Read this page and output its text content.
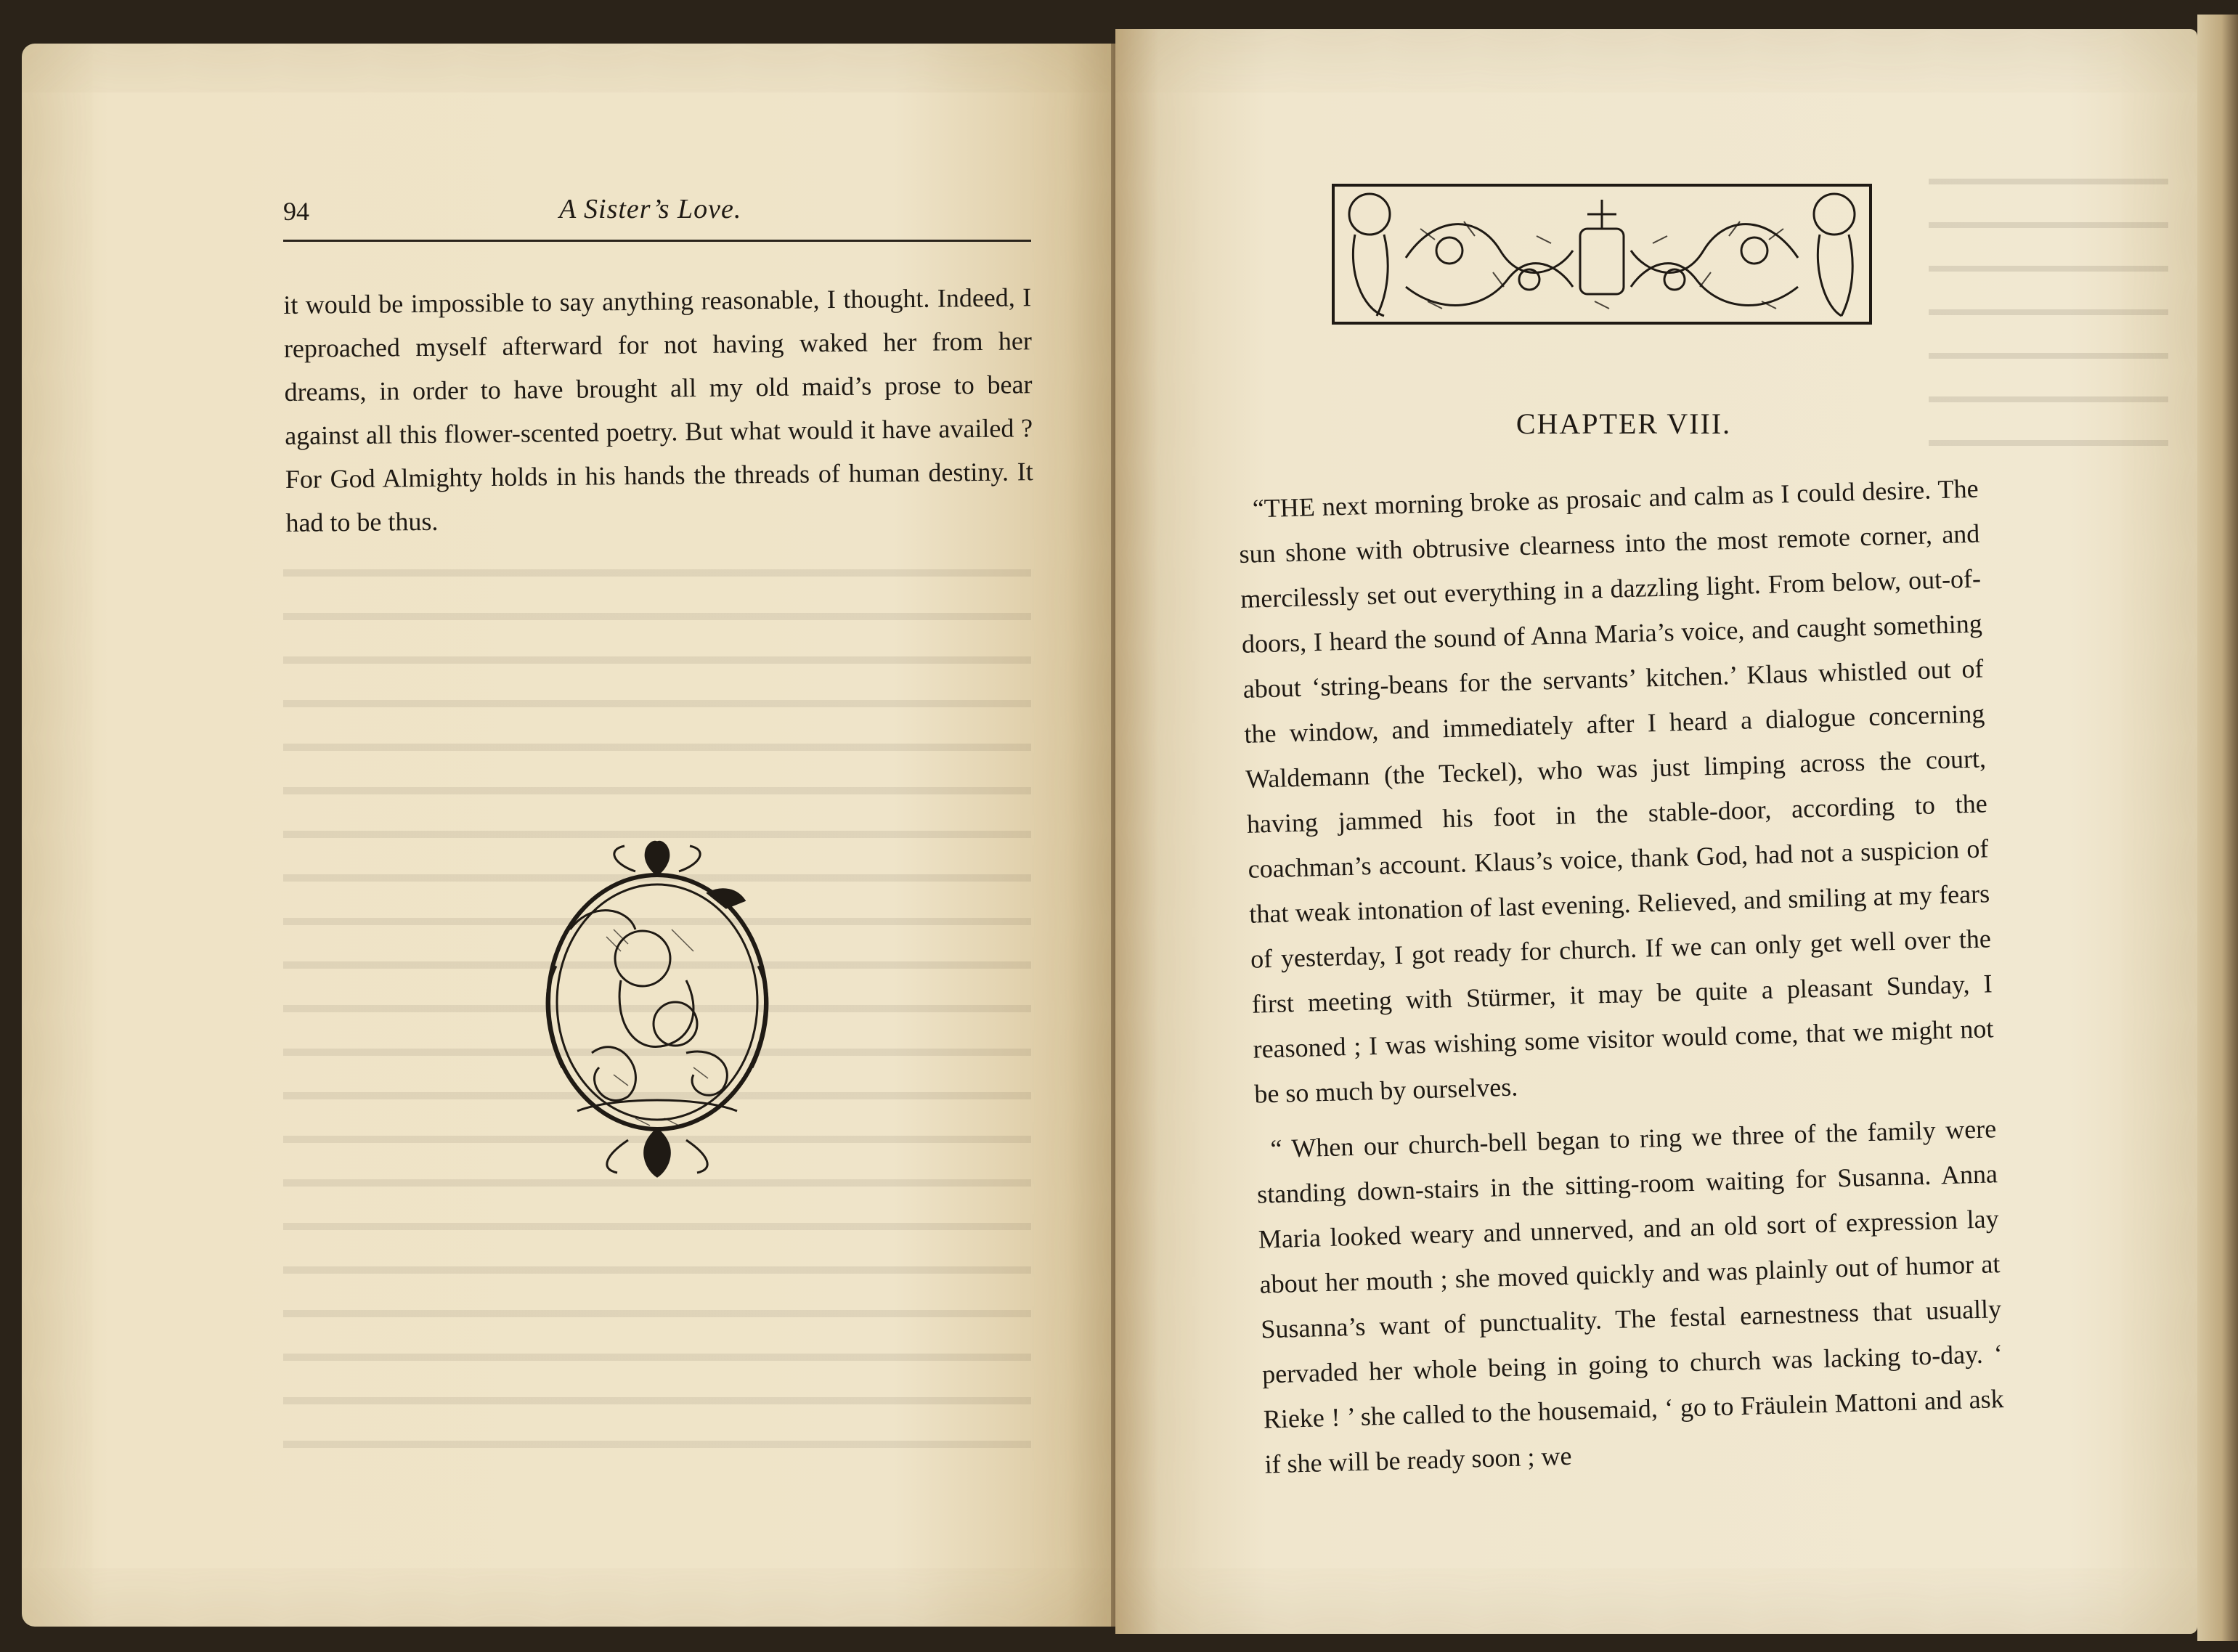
94	A Sister’s Love.
it would be impossible to say anything reasonable, I thought. Indeed, I reproached myself afterward for not having waked her from her dreams, in order to have brought all my old maid’s prose to bear against all this flower-scented poetry. But what would it have availed ? For God Almighty holds in his hands the threads of human destiny. It had to be thus.
CHAPTER VIII.

“THE next morning broke as prosaic and calm as I could desire. The sun shone with obtrusive clearness into the most remote corner, and mercilessly set out everything in a dazzling light. From below, out-of-doors, I heard the sound of Anna Maria’s voice, and caught something about ‘string-beans for the servants’ kitchen.’ Klaus whistled out of the window, and immediately after I heard a dialogue concerning Waldemann (the Teckel), who was just limping across the court, having jammed his foot in the stable-door, according to the coachman’s account. Klaus’s voice, thank God, had not a suspicion of that weak intonation of last evening. Relieved, and smiling at my fears of yesterday, I got ready for church. If we can only get well over the first meeting with Stürmer, it may be quite a pleasant Sunday, I reasoned ; I was wishing some visitor would come, that we might not be so much by ourselves.

“ When our church-bell began to ring we three of the family were standing down-stairs in the sitting-room waiting for Susanna. Anna Maria looked weary and unnerved, and an old sort of expression lay about her mouth ; she moved quickly and was plainly out of humor at Susanna’s want of punctuality. The festal earnestness that usually pervaded her whole being in going to church was lacking to-day. ‘ Rieke ! ’ she called to the housemaid, ‘ go to Fräulein Mattoni and ask if she will be ready soon ; we
